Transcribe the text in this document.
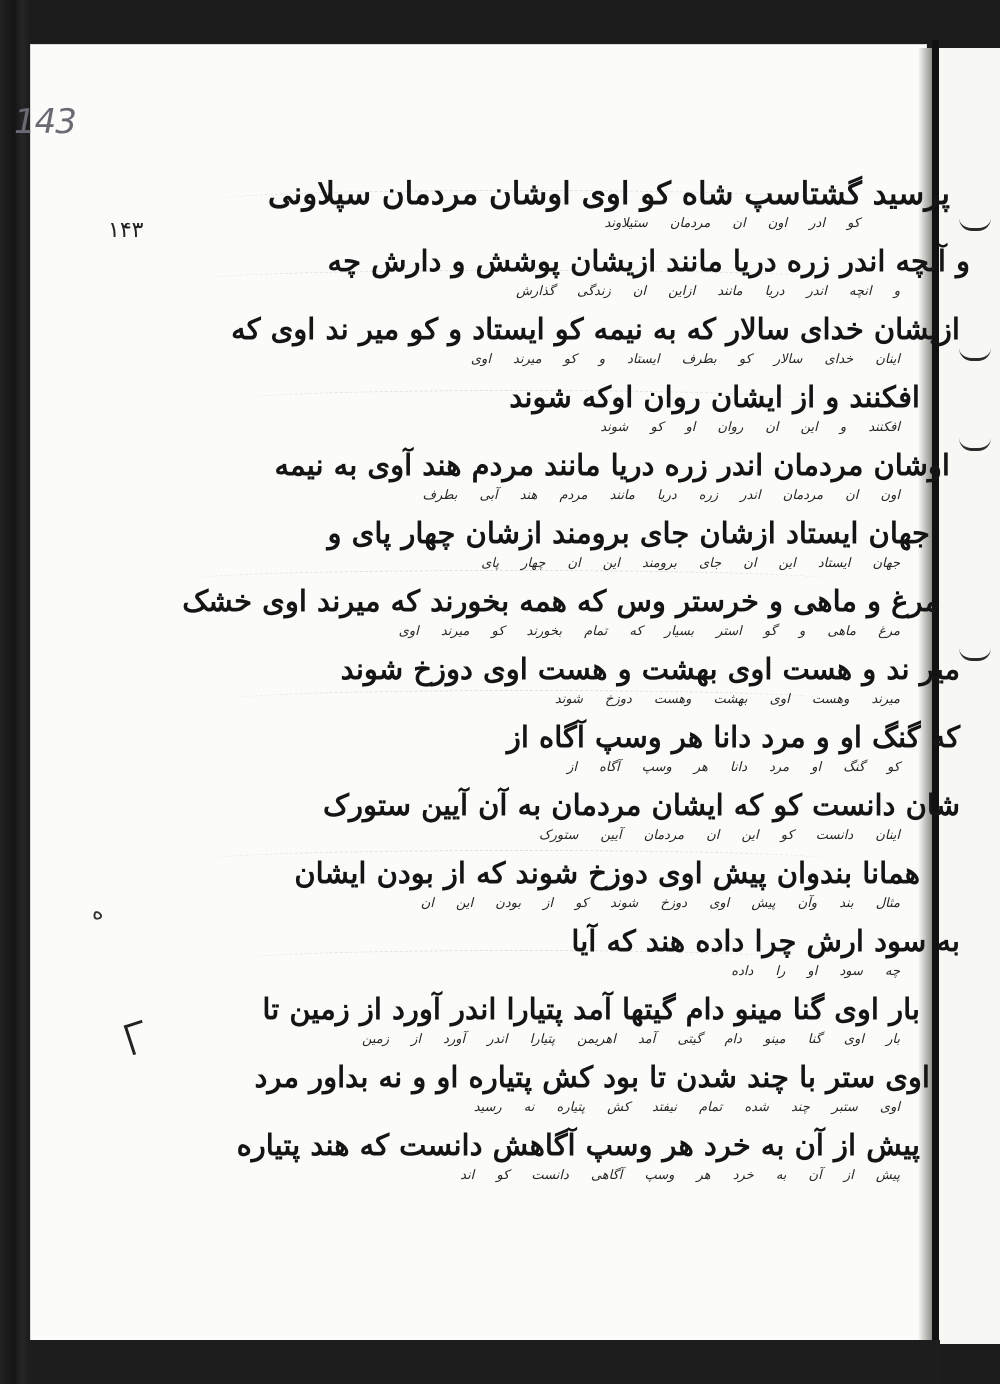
143
۱۴۳
ه
پرسید گشتاسپ شاه کو اوی اوشان مردمان سپلاونی
کو ادر اون ان مردمان ستیلاوند
و آنچه اندر زره دریا مانند ازیشان پوشش و دارش چه
و انچه اندر دریا مانند ازاین ان زندگی گذارش
ازیشان خدای سالار که به نیمه کو ایستاد و کو میر ند اوی که
اینان خدای سالار کو بطرف ایستاد و کو میرند اوی
افکنند و از ایشان روان اوکه شوند
افکنند و این ان روان او کو شوند
اوشان مردمان اندر زره دریا مانند مردم هند آوی به نیمه
اون ان مردمان اندر زره دریا مانند مردم هند آبی بطرف
جهان ایستاد ازشان جای برومند ازشان چهار پای و
جهان ایستاد این ان جای برومند این ان چهار پای
مرغ و ماهی و خرستر وس که همه بخورند که میرند اوی خشک
مرغ ماهی و گو استر بسیار که تمام بخورند کو میرند اوی
میر ند و هست اوی بهشت و هست اوی دوزخ شوند
میرند وهست اوی بهشت وهست دوزخ شوند
که گنگ او و مرد دانا هر وسپ آگاه از
کو گنگ او مرد دانا هر وسپ آگاه از
شان دانست کو که ایشان مردمان به آن آیین ستورک
اینان دانست کو این ان مردمان آیین ستورک
همانا بندوان پیش اوی دوزخ شوند که از بودن ایشان
مثال بند وآن پیش اوی دوزخ شوند کو از بودن این ان
به سود ارش چرا داده هند که آیا
چه سود او را داده
بار اوی گنا مینو دام گیتها آمد پتیارا اندر آورد از زمین تا
بار اوی گنا مینو دام گیتی آمد اهریمن پتیارا اندر آورد از زمین
اوی ستر با چند شدن تا بود کش پتیاره او و نه بداور مرد
اوی ستبر چند شده تمام نیفتد کش پتیاره نه رسید
پیش از آن به خرد هر وسپ آگاهش دانست که هند پتیاره
پیش از آن به خرد هر وسپ آگاهی دانست کو اند
